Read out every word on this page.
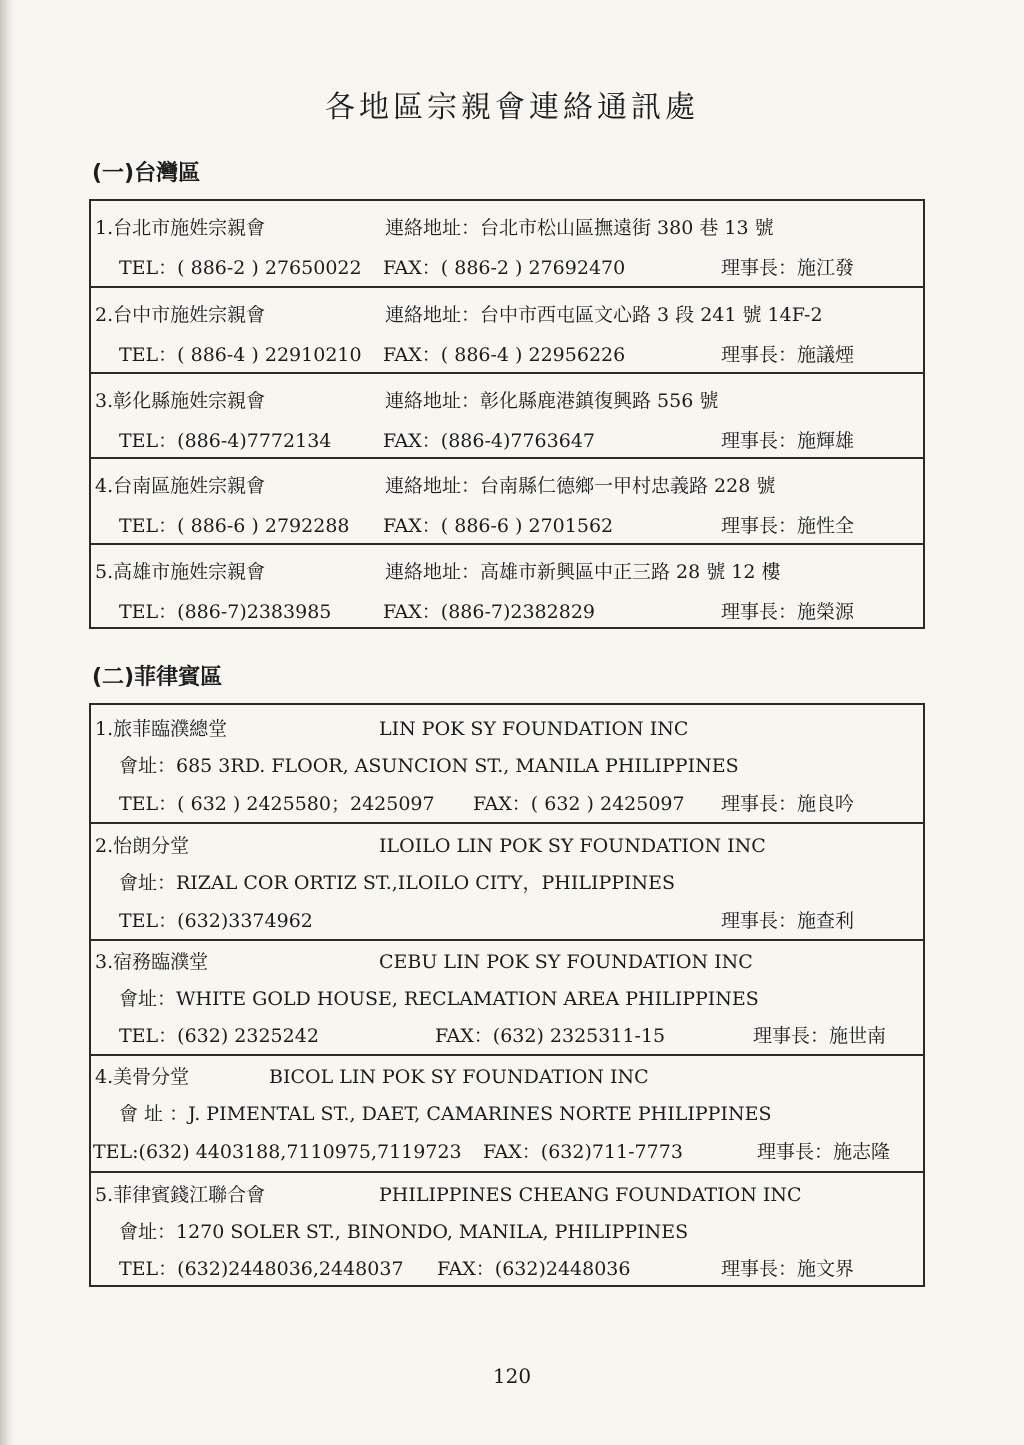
各地區宗親會連絡通訊處
(一)台灣區
1.台北市施姓宗親會	連絡地址：台北市松山區撫遠街 380 巷 13 號
TEL：( 886-2 ) 27650022 FAX：( 886-2 ) 27692470	理事長：施江發
2.台中市施姓宗親會	連絡地址：台中市西屯區文心路 3 段 241 號 14F-2
TEL：( 886-4 ) 22910210 FAX：( 886-4 ) 22956226	理事長：施議煙
3.彰化縣施姓宗親會	連絡地址：彰化縣鹿港鎮復興路 556 號
TEL：(886-4)7772134	FAX：(886-4)7763647	理事長：施輝雄
4.台南區施姓宗親會	連絡地址：台南縣仁德鄉一甲村忠義路 228 號
TEL：( 886-6 ) 2792288 FAX：( 886-6 ) 2701562	理事長：施性全
5.高雄市施姓宗親會	連絡地址：高雄市新興區中正三路 28 號 12 樓
TEL：(886-7)2383985	FAX：(886-7)2382829	理事長：施榮源
(二)菲律賓區
1.旅菲臨濮總堂	LIN POK SY FOUNDATION INC
會址：685 3RD. FLOOR, ASUNCION ST., MANILA PHILIPPINES
TEL：( 632 ) 2425580；2425097 FAX：( 632 ) 2425097 理事長：施良吟
2.怡朗分堂	ILOILO LIN POK SY FOUNDATION INC
會址：RIZAL COR ORTIZ ST.,ILOILO CITY，PHILIPPINES
TEL：(632)3374962	理事長：施查利
3.宿務臨濮堂	CEBU LIN POK SY FOUNDATION INC
會址：WHITE GOLD HOUSE, RECLAMATION AREA PHILIPPINES
TEL：(632) 2325242	FAX：(632) 2325311-15	理事長：施世南
4.美骨分堂	BICOL LIN POK SY FOUNDATION INC
會 址 ：J. PIMENTAL ST., DAET, CAMARINES NORTE PHILIPPINES
TEL:(632) 4403188,7110975,7119723 FAX：(632)711-7773	理事長：施志隆
5.菲律賓錢江聯合會	PHILIPPINES CHEANG FOUNDATION INC
會址：1270 SOLER ST., BINONDO, MANILA, PHILIPPINES
TEL：(632)2448036,2448037 FAX：(632)2448036	理事長：施文界
120
